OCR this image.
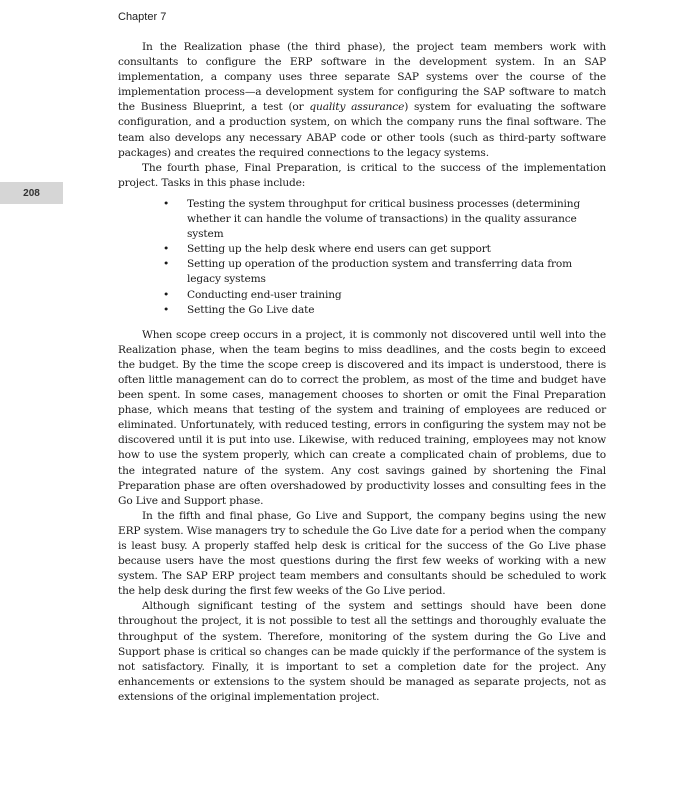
Chapter 7
208

In the Realization phase (the third phase), the project team members work with consultants to configure the ERP software in the development system. In an SAP implementation, a company uses three separate SAP systems over the course of the implementation process—a development system for configuring the SAP software to match the Business Blueprint, a test (or quality assurance) system for evaluating the software configuration, and a production system, on which the company runs the final software. The team also develops any necessary ABAP code or other tools (such as third-party software packages) and creates the required connections to the legacy systems.

The fourth phase, Final Preparation, is critical to the success of the implementation project. Tasks in this phase include:

• Testing the system throughput for critical business processes (determining whether it can handle the volume of transactions) in the quality assurance system
• Setting up the help desk where end users can get support
• Setting up operation of the production system and transferring data from legacy systems
• Conducting end-user training
• Setting the Go Live date

When scope creep occurs in a project, it is commonly not discovered until well into the Realization phase, when the team begins to miss deadlines, and the costs begin to exceed the budget. By the time the scope creep is discovered and its impact is understood, there is often little management can do to correct the problem, as most of the time and budget have been spent. In some cases, management chooses to shorten or omit the Final Preparation phase, which means that testing of the system and training of employees are reduced or eliminated. Unfortunately, with reduced testing, errors in configuring the system may not be discovered until it is put into use. Likewise, with reduced training, employees may not know how to use the system properly, which can create a complicated chain of problems, due to the integrated nature of the system. Any cost savings gained by shortening the Final Preparation phase are often overshadowed by productivity losses and consulting fees in the Go Live and Support phase.

In the fifth and final phase, Go Live and Support, the company begins using the new ERP system. Wise managers try to schedule the Go Live date for a period when the company is least busy. A properly staffed help desk is critical for the success of the Go Live phase because users have the most questions during the first few weeks of working with a new system. The SAP ERP project team members and consultants should be scheduled to work the help desk during the first few weeks of the Go Live period.

Although significant testing of the system and settings should have been done throughout the project, it is not possible to test all the settings and thoroughly evaluate the throughput of the system. Therefore, monitoring of the system during the Go Live and Support phase is critical so changes can be made quickly if the performance of the system is not satisfactory. Finally, it is important to set a completion date for the project. Any enhancements or extensions to the system should be managed as separate projects, not as extensions of the original implementation project.
